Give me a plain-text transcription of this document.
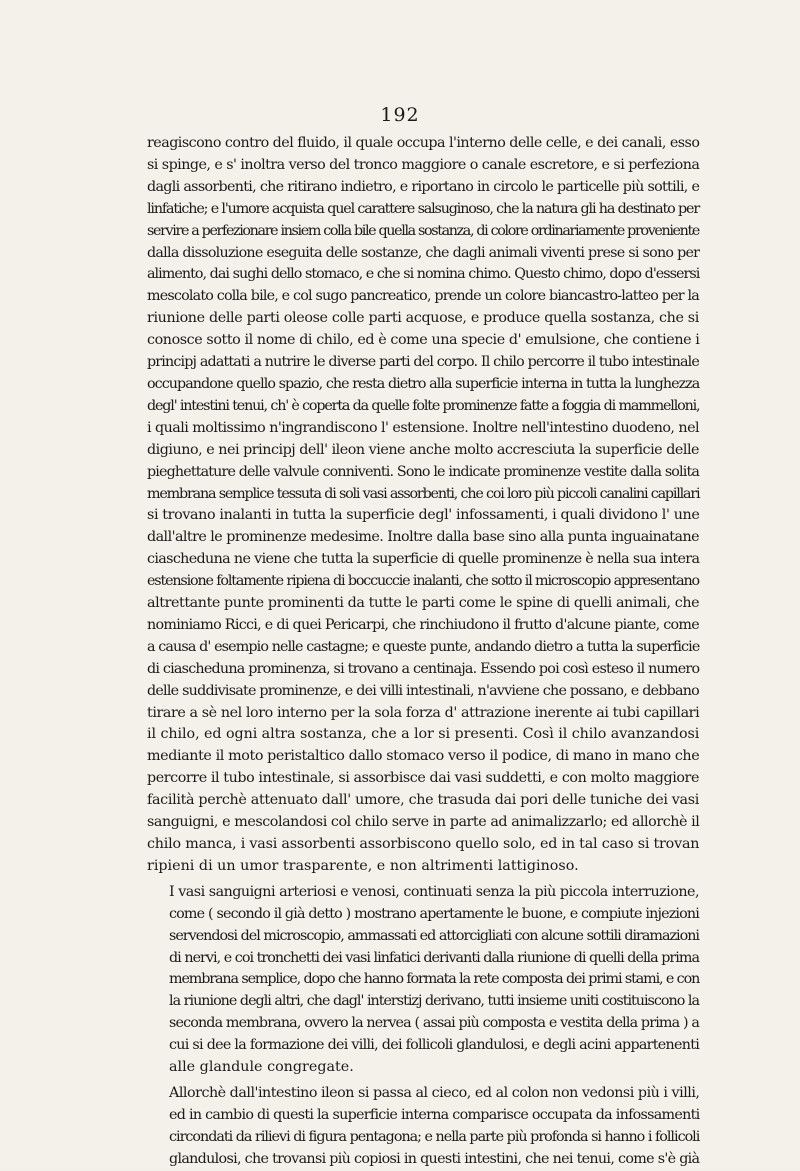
192

reagiscono contro del fluido, il quale occupa l'interno delle celle, e dei canali, esso
si spinge, e s' inoltra verso del tronco maggiore o canale escretore, e si perfeziona
dagli assorbenti, che ritirano indietro, e riportano in circolo le particelle più sottili, e
linfatiche; e l'umore acquista quel carattere salsuginoso, che la natura gli ha destinato per
servire a perfezionare insiem colla bile quella sostanza, di colore ordinariamente proveniente
dalla dissoluzione eseguita delle sostanze, che dagli animali viventi prese si sono per
alimento, dai sughi dello stomaco, e che si nomina chimo. Questo chimo, dopo d'essersi
mescolato colla bile, e col sugo pancreatico, prende un colore biancastro-latteo per la
riunione delle parti oleose colle parti acquose, e produce quella sostanza, che si
conosce sotto il nome di chilo, ed è come una specie d' emulsione, che contiene i
principj adattati a nutrire le diverse parti del corpo. Il chilo percorre il tubo intestinale
occupandone quello spazio, che resta dietro alla superficie interna in tutta la lunghezza
degl' intestini tenui, ch' è coperta da quelle folte prominenze fatte a foggia di mammelloni,
i quali moltissimo n'ingrandiscono l' estensione. Inoltre nell'intestino duodeno, nel
digiuno, e nei principj dell' ileon viene anche molto accresciuta la superficie delle
pieghettature delle valvule conniventi. Sono le indicate prominenze vestite dalla solita
membrana semplice tessuta di soli vasi assorbenti, che coi loro più piccoli canalini capillari
si trovano inalanti in tutta la superficie degl' infossamenti, i quali dividono l' une
dall'altre le prominenze medesime. Inoltre dalla base sino alla punta inguainatane
ciascheduna ne viene che tutta la superficie di quelle prominenze è nella sua intera
estensione foltamente ripiena di boccuccie inalanti, che sotto il microscopio appresentano
altrettante punte prominenti da tutte le parti come le spine di quelli animali, che
nominiamo Ricci, e di quei Pericarpi, che rinchiudono il frutto d'alcune piante, come
a causa d' esempio nelle castagne; e queste punte, andando dietro a tutta la superficie
di ciascheduna prominenza, si trovano a centinaja. Essendo poi così esteso il numero
delle suddivisate prominenze, e dei villi intestinali, n'avviene che possano, e debbano
tirare a sè nel loro interno per la sola forza d' attrazione inerente ai tubi capillari
il chilo, ed ogni altra sostanza, che a lor si presenti. Così il chilo avanzandosi
mediante il moto peristaltico dallo stomaco verso il podice, di mano in mano che
percorre il tubo intestinale, si assorbisce dai vasi suddetti, e con molto maggiore
facilità perchè attenuato dall' umore, che trasuda dai pori delle tuniche dei vasi
sanguigni, e mescolandosi col chilo serve in parte ad animalizzarlo; ed allorchè il
chilo manca, i vasi assorbenti assorbiscono quello solo, ed in tal caso si trovan
ripieni di un umor trasparente, e non altrimenti lattiginoso.

I vasi sanguigni arteriosi e venosi, continuati senza la più piccola interruzione,
come ( secondo il già detto ) mostrano apertamente le buone, e compiute injezioni
servendosi del microscopio, ammassati ed attorcigliati con alcune sottili diramazioni
di nervi, e coi tronchetti dei vasi linfatici derivanti dalla riunione di quelli della prima
membrana semplice, dopo che hanno formata la rete composta dei primi stami, e con
la riunione degli altri, che dagl' interstizj derivano, tutti insieme uniti costituiscono la
seconda membrana, ovvero la nervea ( assai più composta e vestita della prima ) a
cui si dee la formazione dei villi, dei follicoli glandulosi, e degli acini appartenenti
alle glandule congregate.

Allorchè dall'intestino ileon si passa al cieco, ed al colon non vedonsi più i villi,
ed in cambio di questi la superficie interna comparisce occupata da infossamenti
circondati da rilievi di figura pentagona; e nella parte più profonda si hanno i follicoli
glandulosi, che trovansi più copiosi in questi intestini, che nei tenui, come s'è già
